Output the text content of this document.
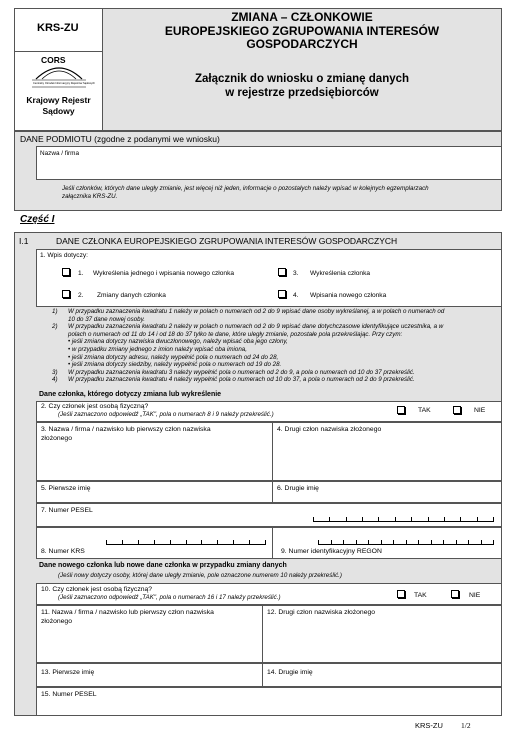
KRS-ZU
ZMIANA – CZŁONKOWIE
EUROPEJSKIEGO ZGRUPOWANIA INTERESÓW
GOSPODARCZYCH
Załącznik do wniosku o zmianę danych
w rejestrze przedsiębiorców
CORS
Centralny Ośrodek Informacyjny Rejestrów Sądowych
Krajowy Rejestr
Sądowy
DANE PODMIOTU (zgodne z podanymi we wniosku)
Nazwa / firma
Jeśli członków, których dane uległy zmianie, jest więcej niż jeden, informacje o pozostałych należy wpisać w kolejnych egzemplarzach
załącznika KRS-ZU.
Część I
I.1	DANE CZŁONKA EUROPEJSKIEGO ZGRUPOWANIA INTERESÓW GOSPODARCZYCH
1. Wpis dotyczy:
1. Wykreślenia jednego i wpisania nowego członka	3. Wykreślenia członka
2. Zmiany danych członka	4. Wpisania nowego członka
1)	W przypadku zaznaczenia kwadratu 1 należy w polach o numerach od 2 do 9 wpisać dane osoby wykreślanej, a w polach o numerach od
10 do 37 dane nowej osoby.
2)	W przypadku zaznaczenia kwadratu 2 należy w polach o numerach od 2 do 9 wpisać dane dotychczasowe identyfikujące uczestnika, a w
polach o numerach od 11 do 14 i od 18 do 37 tylko te dane, które uległy zmianie, pozostałe pola przekreślając. Przy czym:
• jeśli zmiana dotyczy nazwiska dwuczłonowego, należy wpisać oba jego człony,
• w przypadku zmiany jednego z imion należy wpisać oba imiona,
• jeśli zmiana dotyczy adresu, należy wypełnić pola o numerach od 24 do 28,
• jeśli zmiana dotyczy siedziby, należy wypełnić pola o numerach od 19 do 28.
3)	W przypadku zaznaczenia kwadratu 3 należy wypełnić pola o numerach od 2 do 9, a pola o numerach od 10 do 37 przekreślić.
4)	W przypadku zaznaczenia kwadratu 4 należy wypełnić pola o numerach od 10 do 37, a pola o numerach od 2 do 9 przekreślić.
Dane członka, którego dotyczy zmiana lub wykreślenie
2. Czy członek jest osobą fizyczną?
(Jeśli zaznaczono odpowiedź „TAK", pola o numerach 8 i 9 należy przekreślić.)
TAK	NIE
3. Nazwa / firma / nazwisko lub pierwszy człon nazwiska
złożonego
4. Drugi człon nazwiska złożonego
5. Pierwsze imię	6. Drugie imię
7. Numer PESEL
8. Numer KRS	9. Numer identyfikacyjny REGON
Dane nowego członka lub nowe dane członka w przypadku zmiany danych
(Jeśli nowy dotyczy osoby, której dane uległy zmianie, pole oznaczone numerem 10 należy przekreślić.)
10. Czy członek jest osobą fizyczną?
(Jeśli zaznaczono odpowiedź „TAK", pola o numerach 16 i 17 należy przekreślić.)	TAK	NIE
11. Nazwa / firma / nazwisko lub pierwszy człon nazwiska
złożonego
12. Drugi człon nazwiska złożonego
13. Pierwsze imię	14. Drugie imię
15. Numer PESEL
KRS-ZU 1/2
